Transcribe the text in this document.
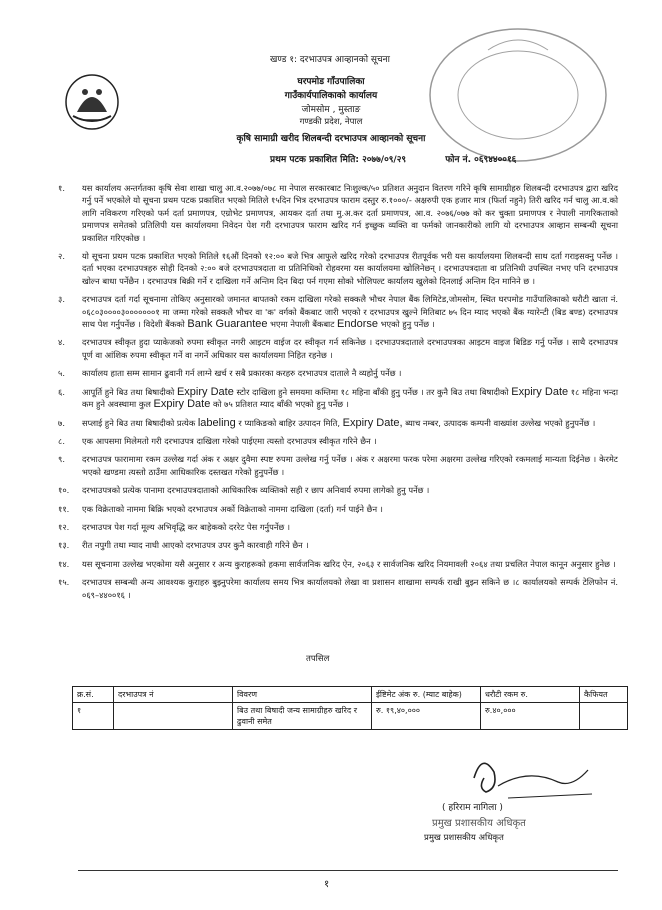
खण्ड १: दरभाउपत्र आव्हानको सूचना
घरपमोड गाँउपालिका
गाउँकार्यपालिकाको कार्यालय
जोमसोम , मुस्ताङ
गण्डकी प्रदेश, नेपाल
कृषि सामाग्री खरीद शिलबन्दी दरभाउपत्र आव्हानको सूचना
प्रथम पटक प्रकाशित मिति: २०७७/०९/२९	फोन नं. ०६९४४००१६
१.	यस कार्यालय अन्तर्गतका कृषि सेवा शाखा चालु आ.व.२०७७/०७८ मा नेपाल सरकारबाट निःशुल्क/५० प्रतिशत अनुदान वितरण गरिने कृषि सामाग्रीहरु शिलबन्दी दरभाउपत्र द्वारा खरिद गर्नु पर्ने भएकोले यो सूचना प्रथम पटक प्रकाशित भएको मितिले १५दिन भित्र दरभाउपत्र फाराम दस्तुर रु.१०००/- अक्षरुपी एक हजार मात्र (फिर्ता नहुने) तिरी खरिद गर्न चालु आ.व.को लागि नविकरण गरिएको फर्म दर्ता प्रमाणपत्र, एग्रोभेट प्रमाणपत्र, आयकर दर्ता तथा मु.अ.कर दर्ता प्रमाणपत्र, आ.व. २०७६/०७७ को कर चुक्ता प्रमाणपत्र र नेपाली नागरिकताको प्रमाणपत्र समेतको प्रतिलिपी यस कार्यालयमा निवेदन पेश गरी दरभाउपत्र फाराम खरिद गर्न इच्छुक व्यक्ति वा फर्मको जानकारीको लागि यो दरभाउपत्र आव्हान सम्बन्धी सूचना प्रकाशित गरिएकोछ ।
२.	यो सूचना प्रथम पटक प्रकाशित भएको मितिले १६औं दिनको १२:०० बजे भित्र आफुले खरिद गरेको दरभाउपत्र रीतपूर्वक भरी यस कार्यालयमा शिलबन्दी साथ दर्ता गराइसक्नु पर्नेछ । दर्ता भएका दरभाउपत्रहरु सोही दिनको २:०० बजे दरभाउपत्रदाता वा प्रतिनिधिको रोहवरमा यस कार्यालयमा खोलिनेछन् । दरभाउपत्रदाता वा प्रतिनिधी उपस्थित नभए पनि दरभाउपत्र खोल्न बाधा पर्नेछैन । दरभाउपत्र बिक्री गर्ने र दाखिला गर्ने अन्तिम दिन बिदा पर्न गएमा सोको भोलिपल्ट कार्यालय खुलेको दिनलाई अन्तिम दिन मानिने छ ।
३.	दरभाउपत्र दर्ता गर्दा सूचनामा तोकिए अनुसारको जमानत बापतको रकम दाखिला गरेको सक्कलै भौचर नेपाल बैंक लिमिटेड,जोमसोम, स्थित घरपमोड गाउँपालिकाको धरौटी खाता नं. ०६८०३००००३०००००००१ मा जम्मा गरेको सक्कलै भौचर वा 'क' वर्गको बैंकबाट जारी भएको र दरभाउपत्र खुल्ने मितिबाट ७५ दिन म्याद भएको बैंक ग्यारेन्टी (बिड बण्ड) दरभाउपत्र साथ पेश गर्नुपर्नेछ । विदेशी बैंकको Bank Guarantee भएमा नेपाली बैंकबाट Endorse भएको हुनु पर्नेछ ।
४.	दरभाउपत्र स्वीकृत हुदा प्याकेजको रुपमा स्वीकृत नगरी आइटम वाईज दर स्वीकृत गर्न सकिनेछ । दरभाउपत्रदाताले दरभाउपत्रका आइटम वाइज बिडिङ गर्नु पर्नेछ । साथै दरभाउपत्र पूर्ण वा आंशिक रुपमा स्वीकृत गर्ने वा नगर्ने अधिकार यस कार्यालयमा निहित रहनेछ ।
५.	कार्यालय हाता सम्म सामान ढुवानी गर्न लाग्ने खर्च र सबै प्रकारका करहरु दरभाउपत्र दाताले नै व्यहोर्नु पर्नेछ ।
६.	आपूर्ति हुने बिउ तथा बिषादीको Expiry Date स्टोर दाखिला हुने समयमा कम्तिमा १८ महिना बाँकी हुनु पर्नेछ । तर कुनै बिउ तथा बिषादीको Expiry Date १८ महिना भन्दा कम हुने अवस्थामा कुल Expiry Date को ७५ प्रतिशत म्याद बाँकी भएको हुनु पर्नेछ ।
७.	सप्लाई हुने बिउ तथा बिषादीको प्रत्येक labeling र प्याकिङको बाहिर उत्पादन मिति, Expiry Date, ब्याच नम्बर, उत्पादक कम्पनी वाख्यांश उल्लेख भएको हुनुपर्नेछ ।
८.	एक आपसमा मिलेमतो गरी दरभाउपत्र दाखिला गरेको पाईएमा त्यस्तो दरभाउपत्र स्वीकृत गरिने छैन ।
९.	दरभाउपत्र फारामामा रकम उल्लेख गर्दा अंक र अक्षर दुवैमा स्पष्ट रुपमा उल्लेख गर्नु पर्नेछ । अंक र अक्षरमा फरक परेमा अक्षरमा उल्लेख गरिएको रकमलाई मान्यता दिईनेछ । केरमेट भएको खण्डमा त्यस्तो ठाउँमा आधिकारिक दस्तखत गरेको हुनुपर्नेछ ।
१०.	दरभाउपत्रको प्रत्येक पानामा दरभाउपत्रदाताको आधिकारिक व्यक्तिको सही र छाप अनिवार्य रुपमा लागेको हुनु पर्नेछ ।
११.	एक विक्रेताको नाममा बिक्रि भएको दरभाउपत्र अर्को विक्रेताको नाममा दाखिला (दर्ता) गर्न पाईने छैन ।
१२.	दरभाउपत्र पेश गर्दा मूल्य अभिवृद्धि कर बाहेकको दररेट पेस गर्नुपर्नेछ ।
१३.	रीत नपुगी तथा म्याद नाघी आएको दरभाउपत्र उपर कुनै कारवाही गरिने छैन ।
१४.	यस सूचनामा उल्लेख भएकोमा यसै अनुसार र अन्य कुराहरूको हकमा सार्वजनिक खरिद ऐन, २०६३ र सार्वजनिक खरिद नियमावली २०६४ तथा प्रचलित नेपाल कानून अनुसार हुनेछ ।
१५.	दरभाउपत्र सम्बन्धी अन्य आवश्यक कुराहरु बुझ्नुपरेमा कार्यालय समय भित्र कार्यालयको लेखा वा प्रशासन शाखामा सम्पर्क राखी बुझ्न सकिने छ ।८ कार्यालयको सम्पर्क टेलिफोन नं. ०६९–४४००१६ ।
तपसिल
क्र.सं.	दरभाउपत्र नं	विवरण	ईष्टिमेट अंक रु. (म्याट बाहेक)	धरौटी रकम रु.	कैफियत
१		बिउ तथा बिषादी जन्य सामाग्रीहरु खरिद र ढुवानी समेत	रु. १९,४०,०००	रु.४०,०००	
( हरिराम नागिला )
प्रमुख प्रशासकीय अधिकृत
प्रमुख प्रशासकीय अधिकृत
१
